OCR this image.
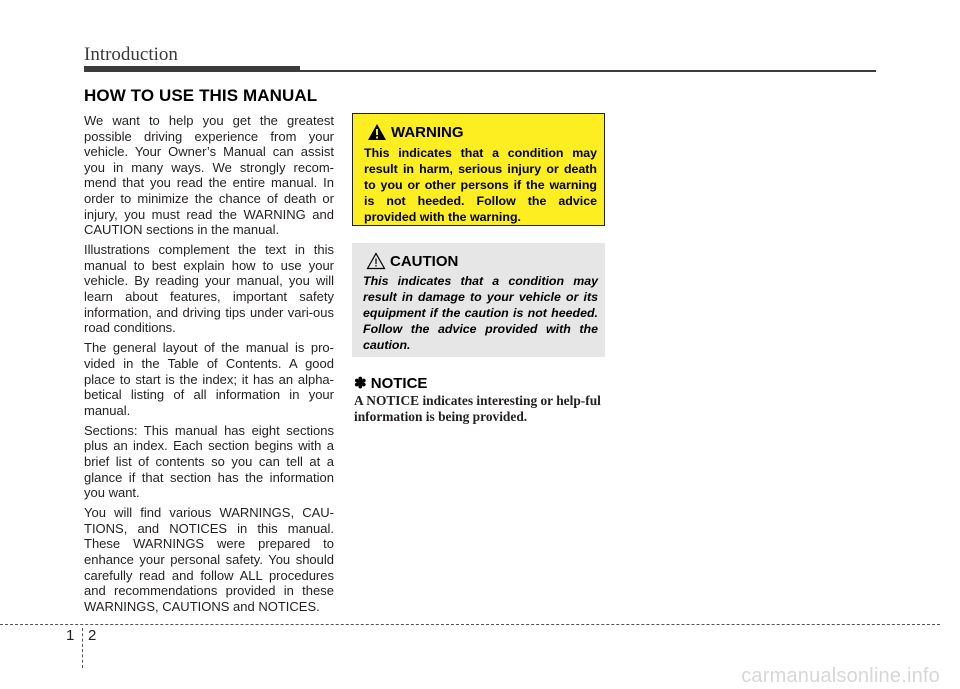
Introduction
HOW TO USE THIS MANUAL

We want to help you get the greatest possible driving experience from your vehicle. Your Owner’s Manual can assist you in many ways. We strongly recom-mend that you read the entire manual. In order to minimize the chance of death or injury, you must read the WARNING and CAUTION sections in the manual.

Illustrations complement the text in this manual to best explain how to use your vehicle. By reading your manual, you will learn about features, important safety information, and driving tips under vari-ous road conditions.

The general layout of the manual is pro-vided in the Table of Contents. A good place to start is the index; it has an alpha-betical listing of all information in your manual.

Sections: This manual has eight sections plus an index. Each section begins with a brief list of contents so you can tell at a glance if that section has the information you want.

You will find various WARNINGS, CAU-TIONS, and NOTICES in this manual. These WARNINGS were prepared to enhance your personal safety. You should carefully read and follow ALL procedures and recommendations provided in these WARNINGS, CAUTIONS and NOTICES.

WARNING
This indicates that a condition may result in harm, serious injury or death to you or other persons if the warning is not heeded. Follow the advice provided with the warning.
CAUTION
This indicates that a condition may result in damage to your vehicle or its equipment if the caution is not heeded. Follow the advice provided with the caution.
✽ NOTICE
A NOTICE indicates interesting or help-ful information is being provided.
1 2
carmanualsonline.info
